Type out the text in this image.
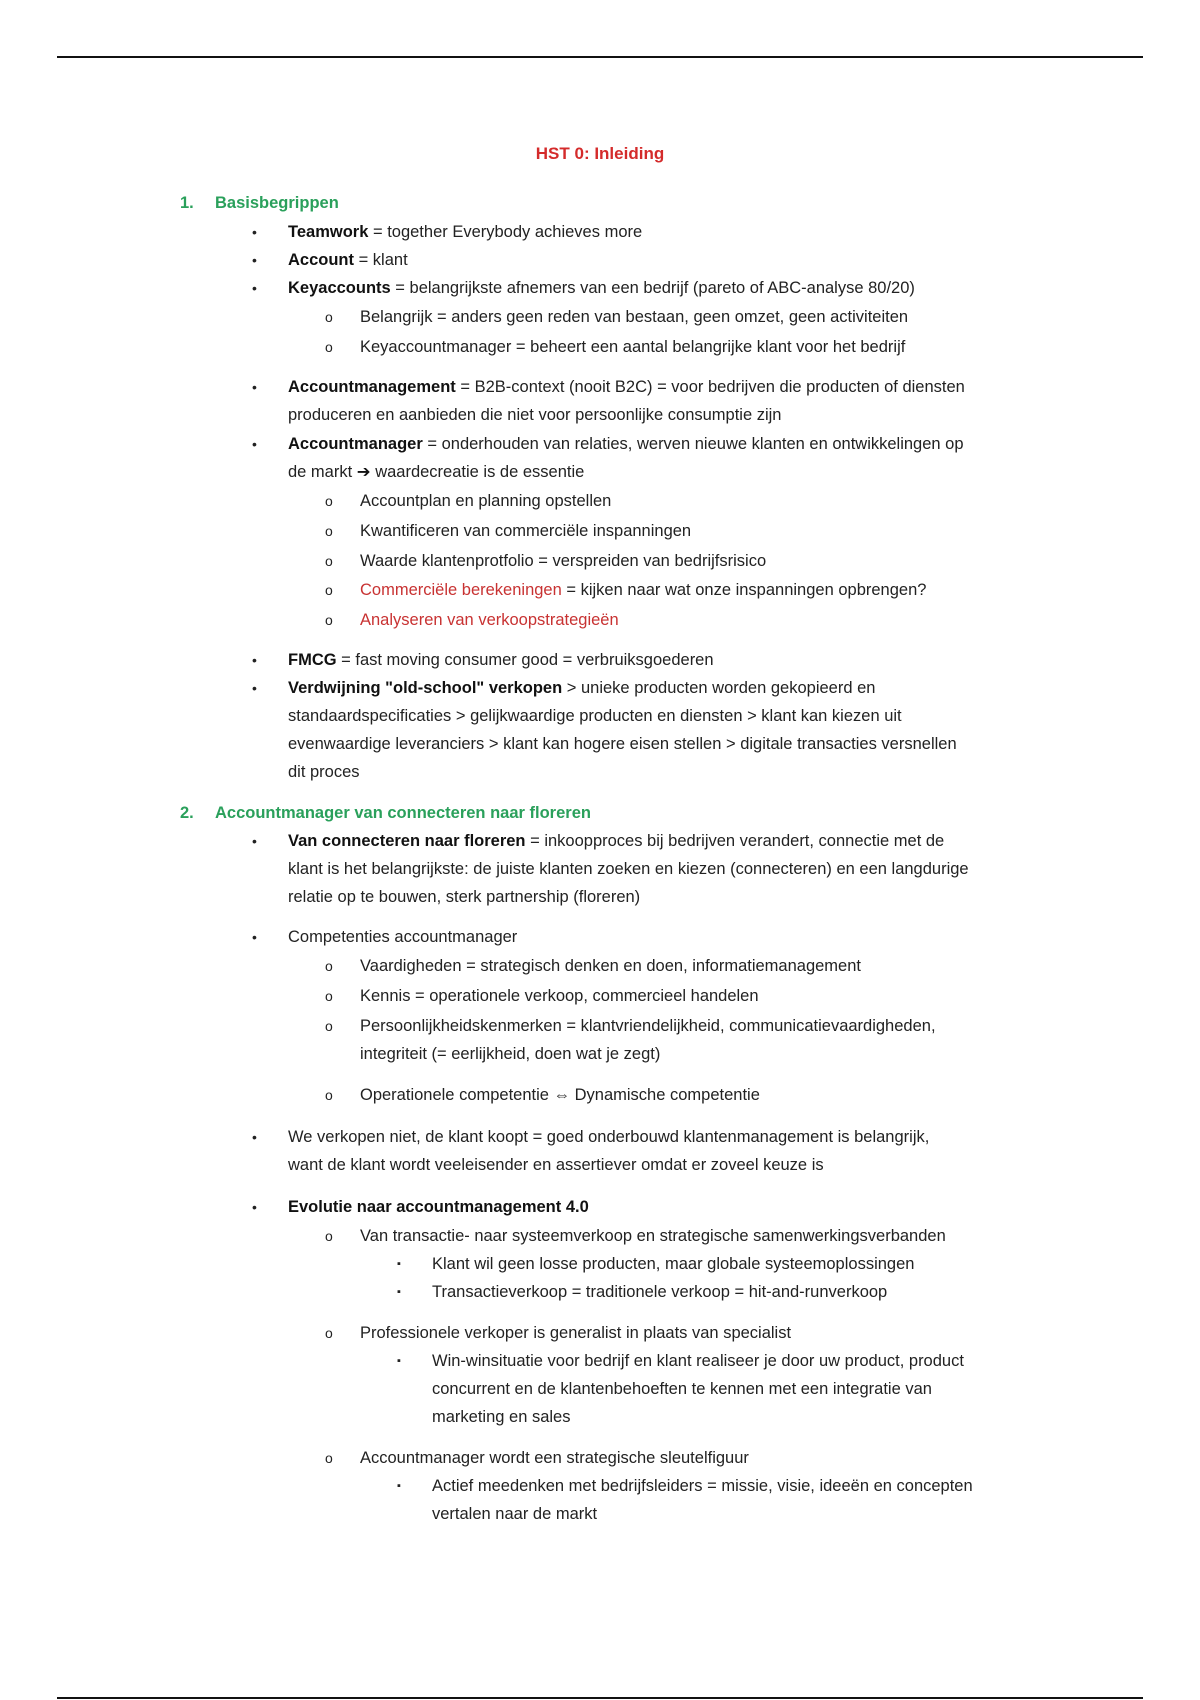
HST 0: Inleiding
1. Basisbegrippen
• Teamwork = together Everybody achieves more
• Account = klant
• Keyaccounts = belangrijkste afnemers van een bedrijf (pareto of ABC-analyse 80/20)
o Belangrijk = anders geen reden van bestaan, geen omzet, geen activiteiten
o Keyaccountmanager = beheert een aantal belangrijke klant voor het bedrijf
• Accountmanagement = B2B-context (nooit B2C) = voor bedrijven die producten of diensten
produceren en aanbieden die niet voor persoonlijke consumptie zijn
• Accountmanager = onderhouden van relaties, werven nieuwe klanten en ontwikkelingen op
de markt ➔ waardecreatie is de essentie
o Accountplan en planning opstellen
o Kwantificeren van commerciële inspanningen
o Waarde klantenprotfolio = verspreiden van bedrijfsrisico
o Commerciële berekeningen = kijken naar wat onze inspanningen opbrengen?
o Analyseren van verkoopstrategieën
• FMCG = fast moving consumer good = verbruiksgoederen
• Verdwijning "old-school" verkopen > unieke producten worden gekopieerd en
standaardspecificaties > gelijkwaardige producten en diensten > klant kan kiezen uit
evenwaardige leveranciers > klant kan hogere eisen stellen > digitale transacties versnellen
dit proces
2. Accountmanager van connecteren naar floreren
• Van connecteren naar floreren = inkoopproces bij bedrijven verandert, connectie met de
klant is het belangrijkste: de juiste klanten zoeken en kiezen (connecteren) en een langdurige
relatie op te bouwen, sterk partnership (floreren)
• Competenties accountmanager
o Vaardigheden = strategisch denken en doen, informatiemanagement
o Kennis = operationele verkoop, commercieel handelen
o Persoonlijkheidskenmerken = klantvriendelijkheid, communicatievaardigheden,
integriteit (= eerlijkheid, doen wat je zegt)
o Operationele competentie ⇔ Dynamische competentie
• We verkopen niet, de klant koopt = goed onderbouwd klantenmanagement is belangrijk,
want de klant wordt veeleisender en assertiever omdat er zoveel keuze is
• Evolutie naar accountmanagement 4.0
o Van transactie- naar systeemverkoop en strategische samenwerkingsverbanden
▪ Klant wil geen losse producten, maar globale systeemoplossingen
▪ Transactieverkoop = traditionele verkoop = hit-and-runverkoop
o Professionele verkoper is generalist in plaats van specialist
▪ Win-winsituatie voor bedrijf en klant realiseer je door uw product, product
concurrent en de klantenbehoeften te kennen met een integratie van
marketing en sales
o Accountmanager wordt een strategische sleutelfiguur
▪ Actief meedenken met bedrijfsleiders = missie, visie, ideeën en concepten
vertalen naar de markt
